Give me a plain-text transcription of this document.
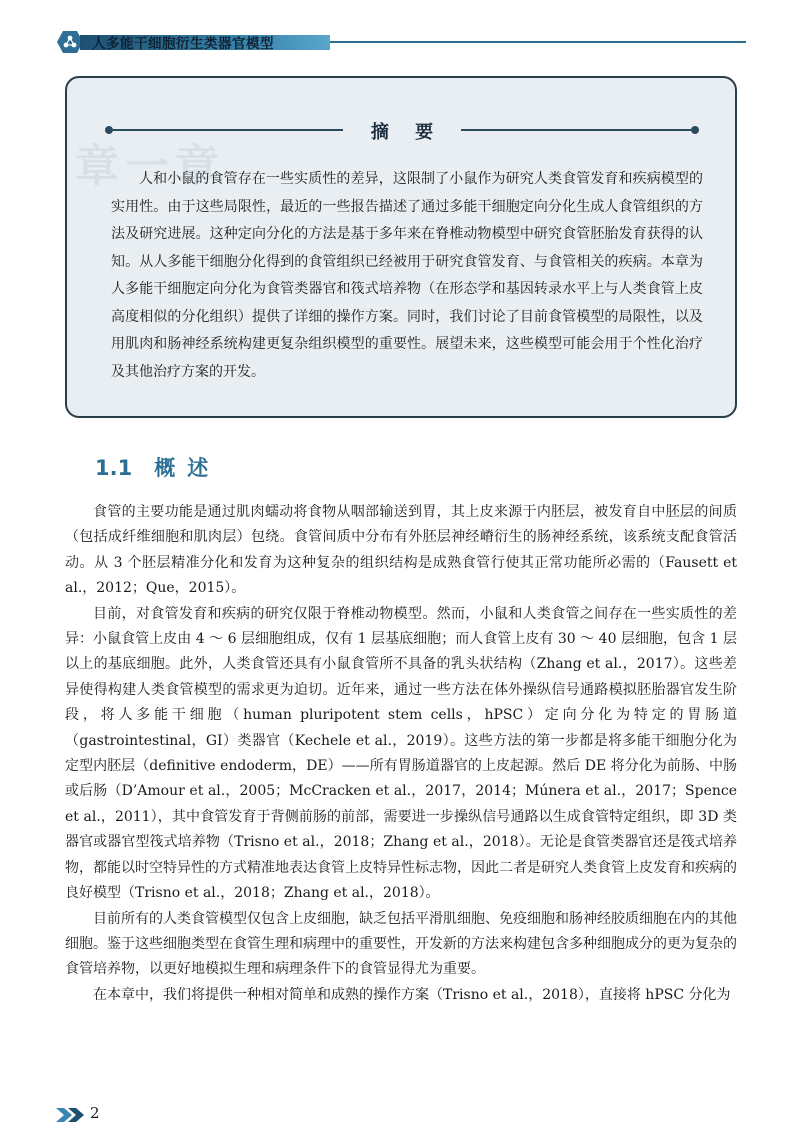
人多能干细胞衍生类器官模型
章一章
摘 要

人和小鼠的食管存在一些实质性的差异，这限制了小鼠作为研究人类食管发育和疾病模型的实用性。由于这些局限性，最近的一些报告描述了通过多能干细胞定向分化生成人食管组织的方法及研究进展。这种定向分化的方法是基于多年来在脊椎动物模型中研究食管胚胎发育获得的认知。从人多能干细胞分化得到的食管组织已经被用于研究食管发育、与食管相关的疾病。本章为人多能干细胞定向分化为食管类器官和筏式培养物（在形态学和基因转录水平上与人类食管上皮高度相似的分化组织）提供了详细的操作方案。同时，我们讨论了目前食管模型的局限性，以及用肌肉和肠神经系统构建更复杂组织模型的重要性。展望未来，这些模型可能会用于个性化治疗及其他治疗方案的开发。

1.1 概述

食管的主要功能是通过肌肉蠕动将食物从咽部输送到胃，其上皮来源于内胚层，被发育自中胚层的间质（包括成纤维细胞和肌肉层）包绕。食管间质中分布有外胚层神经嵴衍生的肠神经系统，该系统支配食管活动。从 3 个胚层精准分化和发育为这种复杂的组织结构是成熟食管行使其正常功能所必需的（Fausett et al.，2012；Que，2015）。

目前，对食管发育和疾病的研究仅限于脊椎动物模型。然而，小鼠和人类食管之间存在一些实质性的差异：小鼠食管上皮由 4 ～ 6 层细胞组成，仅有 1 层基底细胞；而人食管上皮有 30 ～ 40 层细胞，包含 1 层以上的基底细胞。此外，人类食管还具有小鼠食管所不具备的乳头状结构（Zhang et al.，2017）。这些差异使得构建人类食管模型的需求更为迫切。近年来，通过一些方法在体外操纵信号通路模拟胚胎器官发生阶段，将人多能干细胞（human pluripotent stem cells，hPSC）定向分化为特定的胃肠道（gastrointestinal，GI）类器官（Kechele et al.，2019）。这些方法的第一步都是将多能干细胞分化为定型内胚层（definitive endoderm，DE）——所有胃肠道器官的上皮起源。然后 DE 将分化为前肠、中肠或后肠（D’Amour et al.，2005；McCracken et al.，2017，2014；Múnera et al.，2017；Spence et al.，2011），其中食管发育于背侧前肠的前部，需要进一步操纵信号通路以生成食管特定组织，即 3D 类器官或器官型筏式培养物（Trisno et al.，2018；Zhang et al.，2018）。无论是食管类器官还是筏式培养物，都能以时空特异性的方式精准地表达食管上皮特异性标志物，因此二者是研究人类食管上皮发育和疾病的良好模型（Trisno et al.，2018；Zhang et al.，2018）。

目前所有的人类食管模型仅包含上皮细胞，缺乏包括平滑肌细胞、免疫细胞和肠神经胶质细胞在内的其他细胞。鉴于这些细胞类型在食管生理和病理中的重要性，开发新的方法来构建包含多种细胞成分的更为复杂的食管培养物，以更好地模拟生理和病理条件下的食管显得尤为重要。

在本章中，我们将提供一种相对简单和成熟的操作方案（Trisno et al.，2018），直接将 hPSC 分化为

2
